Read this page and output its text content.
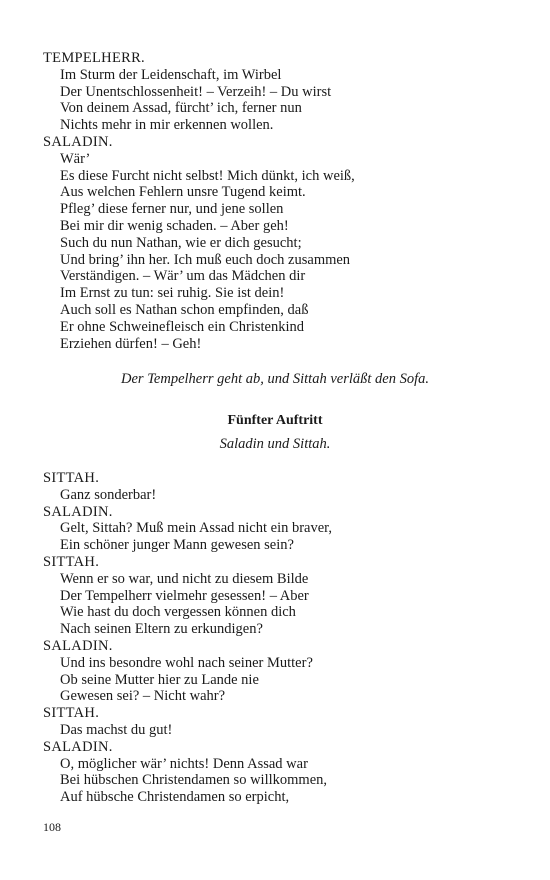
TEMPELHERR.
Im Sturm der Leidenschaft, im Wirbel
Der Unentschlossenheit! – Verzeih! – Du wirst
Von deinem Assad, fürcht’ ich, ferner nun
Nichts mehr in mir erkennen wollen.
SALADIN.
Wär’
Es diese Furcht nicht selbst! Mich dünkt, ich weiß,
Aus welchen Fehlern unsre Tugend keimt.
Pfleg’ diese ferner nur, und jene sollen
Bei mir dir wenig schaden. – Aber geh!
Such du nun Nathan, wie er dich gesucht;
Und bring’ ihn her. Ich muß euch doch zusammen
Verständigen. – Wär’ um das Mädchen dir
Im Ernst zu tun: sei ruhig. Sie ist dein!
Auch soll es Nathan schon empfinden, daß
Er ohne Schweinefleisch ein Christenkind
Erziehen dürfen! – Geh!
Der Tempelherr geht ab, und Sittah verläßt den Sofa.
Fünfter Auftritt
Saladin und Sittah.
SITTAH.
Ganz sonderbar!
SALADIN.
Gelt, Sittah? Muß mein Assad nicht ein braver,
Ein schöner junger Mann gewesen sein?
SITTAH.
Wenn er so war, und nicht zu diesem Bilde
Der Tempelherr vielmehr gesessen! – Aber
Wie hast du doch vergessen können dich
Nach seinen Eltern zu erkundigen?
SALADIN.
Und ins besondre wohl nach seiner Mutter?
Ob seine Mutter hier zu Lande nie
Gewesen sei? – Nicht wahr?
SITTAH.
Das machst du gut!
SALADIN.
O, möglicher wär’ nichts! Denn Assad war
Bei hübschen Christendamen so willkommen,
Auf hübsche Christendamen so erpicht,
108
